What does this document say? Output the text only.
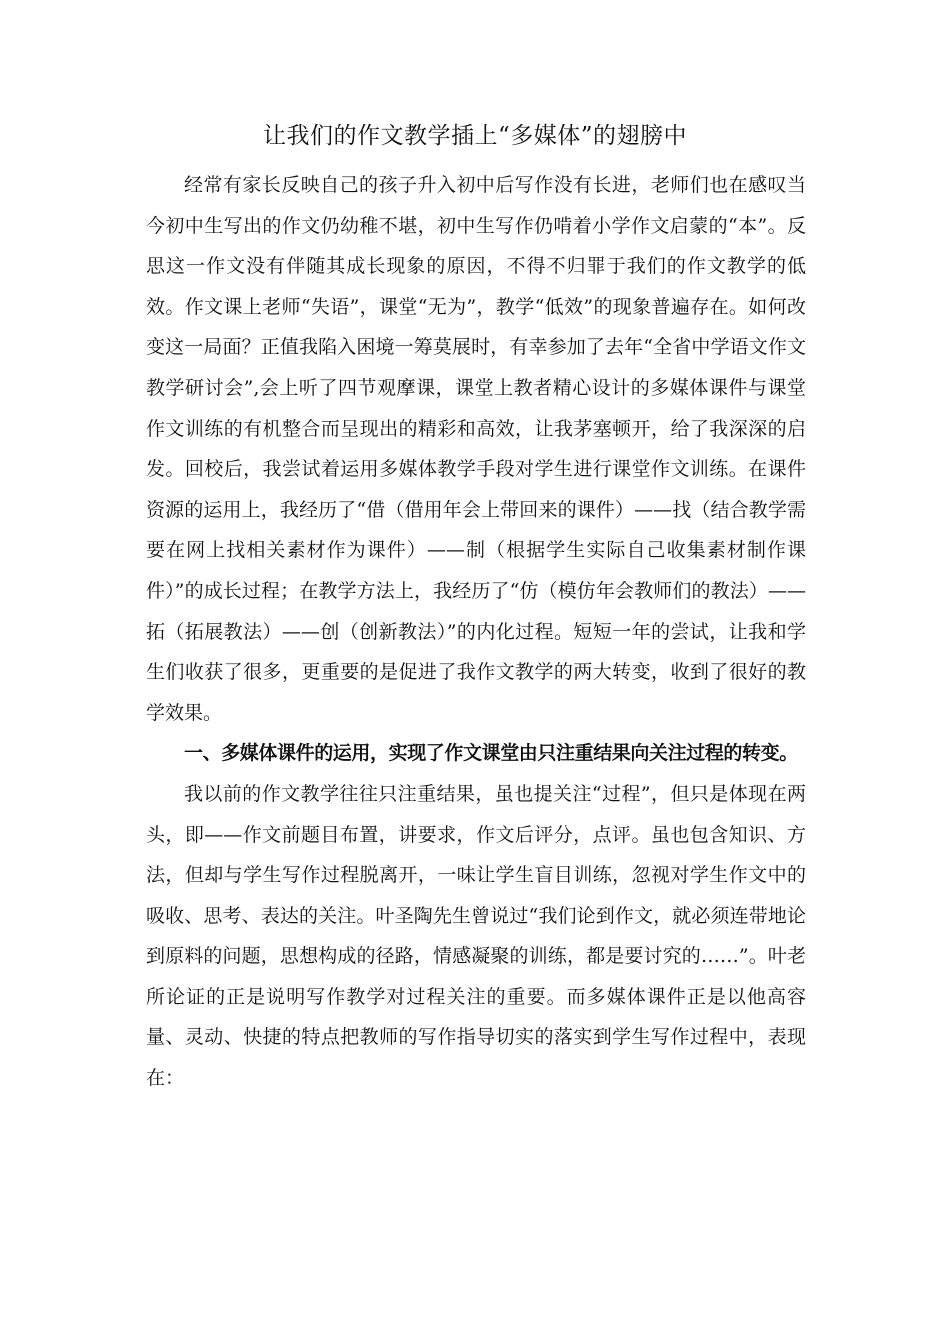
让我们的作文教学插上“多媒体”的翅膀中

经常有家长反映自己的孩子升入初中后写作没有长进，老师们也在感叹当今初中生写出的作文仍幼稚不堪，初中生写作仍啃着小学作文启蒙的“本”。反思这一作文没有伴随其成长现象的原因，不得不归罪于我们的作文教学的低效。作文课上老师“失语”，课堂“无为”，教学“低效”的现象普遍存在。如何改变这一局面？正值我陷入困境一筹莫展时，有幸参加了去年“全省中学语文作文教学研讨会”,会上听了四节观摩课，课堂上教者精心设计的多媒体课件与课堂作文训练的有机整合而呈现出的精彩和高效，让我茅塞顿开，给了我深深的启发。回校后，我尝试着运用多媒体教学手段对学生进行课堂作文训练。在课件资源的运用上，我经历了“借（借用年会上带回来的课件）——找（结合教学需要在网上找相关素材作为课件）——制（根据学生实际自己收集素材制作课件）”的成长过程；在教学方法上，我经历了“仿（模仿年会教师们的教法）——拓（拓展教法）——创（创新教法）”的内化过程。短短一年的尝试，让我和学生们收获了很多，更重要的是促进了我作文教学的两大转变，收到了很好的教学效果。

一、多媒体课件的运用，实现了作文课堂由只注重结果向关注过程的转变。

我以前的作文教学往往只注重结果，虽也提关注“过程”，但只是体现在两头，即——作文前题目布置，讲要求，作文后评分，点评。虽也包含知识、方法，但却与学生写作过程脱离开，一味让学生盲目训练，忽视对学生作文中的吸收、思考、表达的关注。叶圣陶先生曾说过“我们论到作文，就必须连带地论到原料的问题，思想构成的径路，情感凝聚的训练，都是要讨究的……”。叶老所论证的正是说明写作教学对过程关注的重要。而多媒体课件正是以他高容量、灵动、快捷的特点把教师的写作指导切实的落实到学生写作过程中，表现在：
